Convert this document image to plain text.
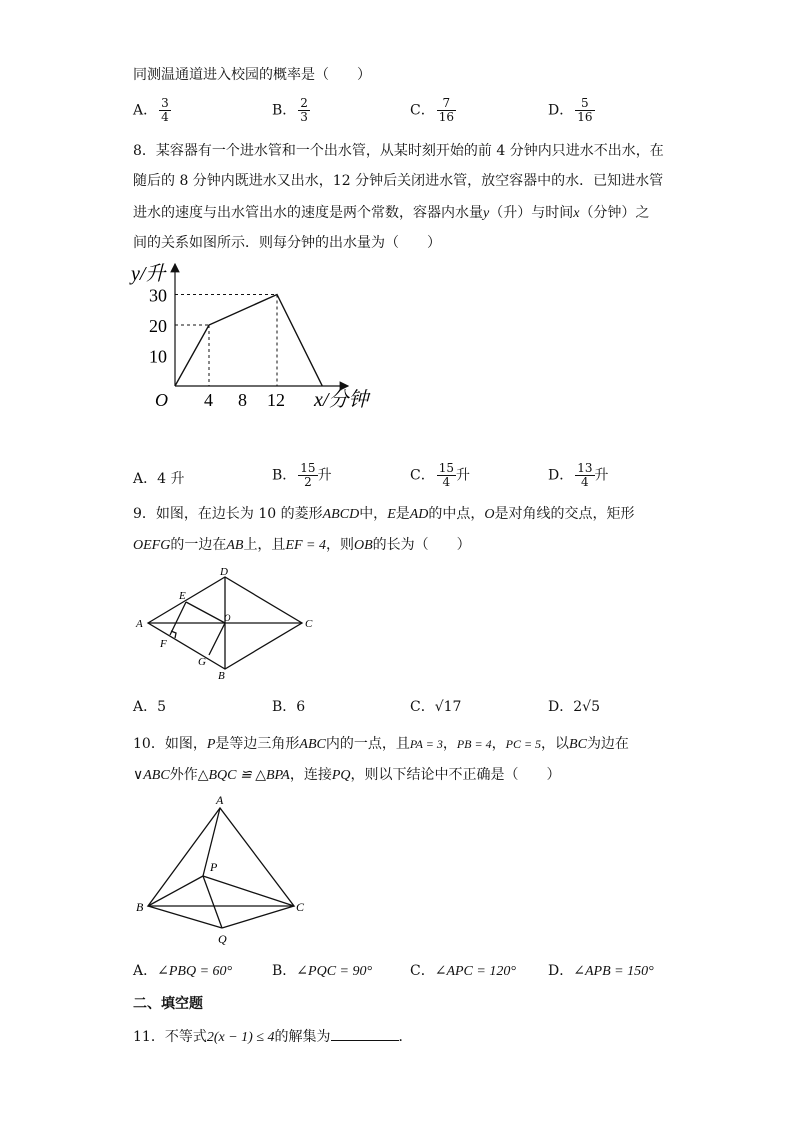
同测温通道进入校园的概率是（　　）
A． $\frac{3}{4}$	B． $\frac{2}{3}$	C． $\frac{7}{16}$	D． $\frac{5}{16}$
8．某容器有一个进水管和一个出水管，从某时刻开始的前 4 分钟内只进水不出水，在
随后的 8 分钟内既进水又出水，12 分钟后关闭进水管，放空容器中的水．已知进水管
进水的速度与出水管出水的速度是两个常数，容器内水量y（升）与时间x（分钟）之
间的关系如图所示．则每分钟的出水量为（　　）
y/升
x/分钟
O
10
20
30
4 8 12
A．4 升	B． $\frac{15}{2}$ 升	C． $\frac{15}{4}$ 升	D． $\frac{13}{4}$ 升
9．如图，在边长为 10 的菱形ABCD中，E是AD的中点，O是对角线的交点，矩形
OEFG的一边在AB上，且EF = 4，则OB的长为（　　）
A
D
C
B
E
F
G
O
A．5	B．6	C．√17	D．2√5
10．如图，P是等边三角形ABC内的一点，且PA = 3，PB = 4，PC = 5，以BC为边在
∨ABC外作△BQC ≌ △BPA，连接PQ，则以下结论中不正确是（　　）
A
B	C
P
Q
A．∠PBQ = 60°	B．∠PQC = 90°	C．∠APC = 120° D．∠APB = 150°
二、填空题
11．不等式2(x − 1) ≤ 4的解集为	．
